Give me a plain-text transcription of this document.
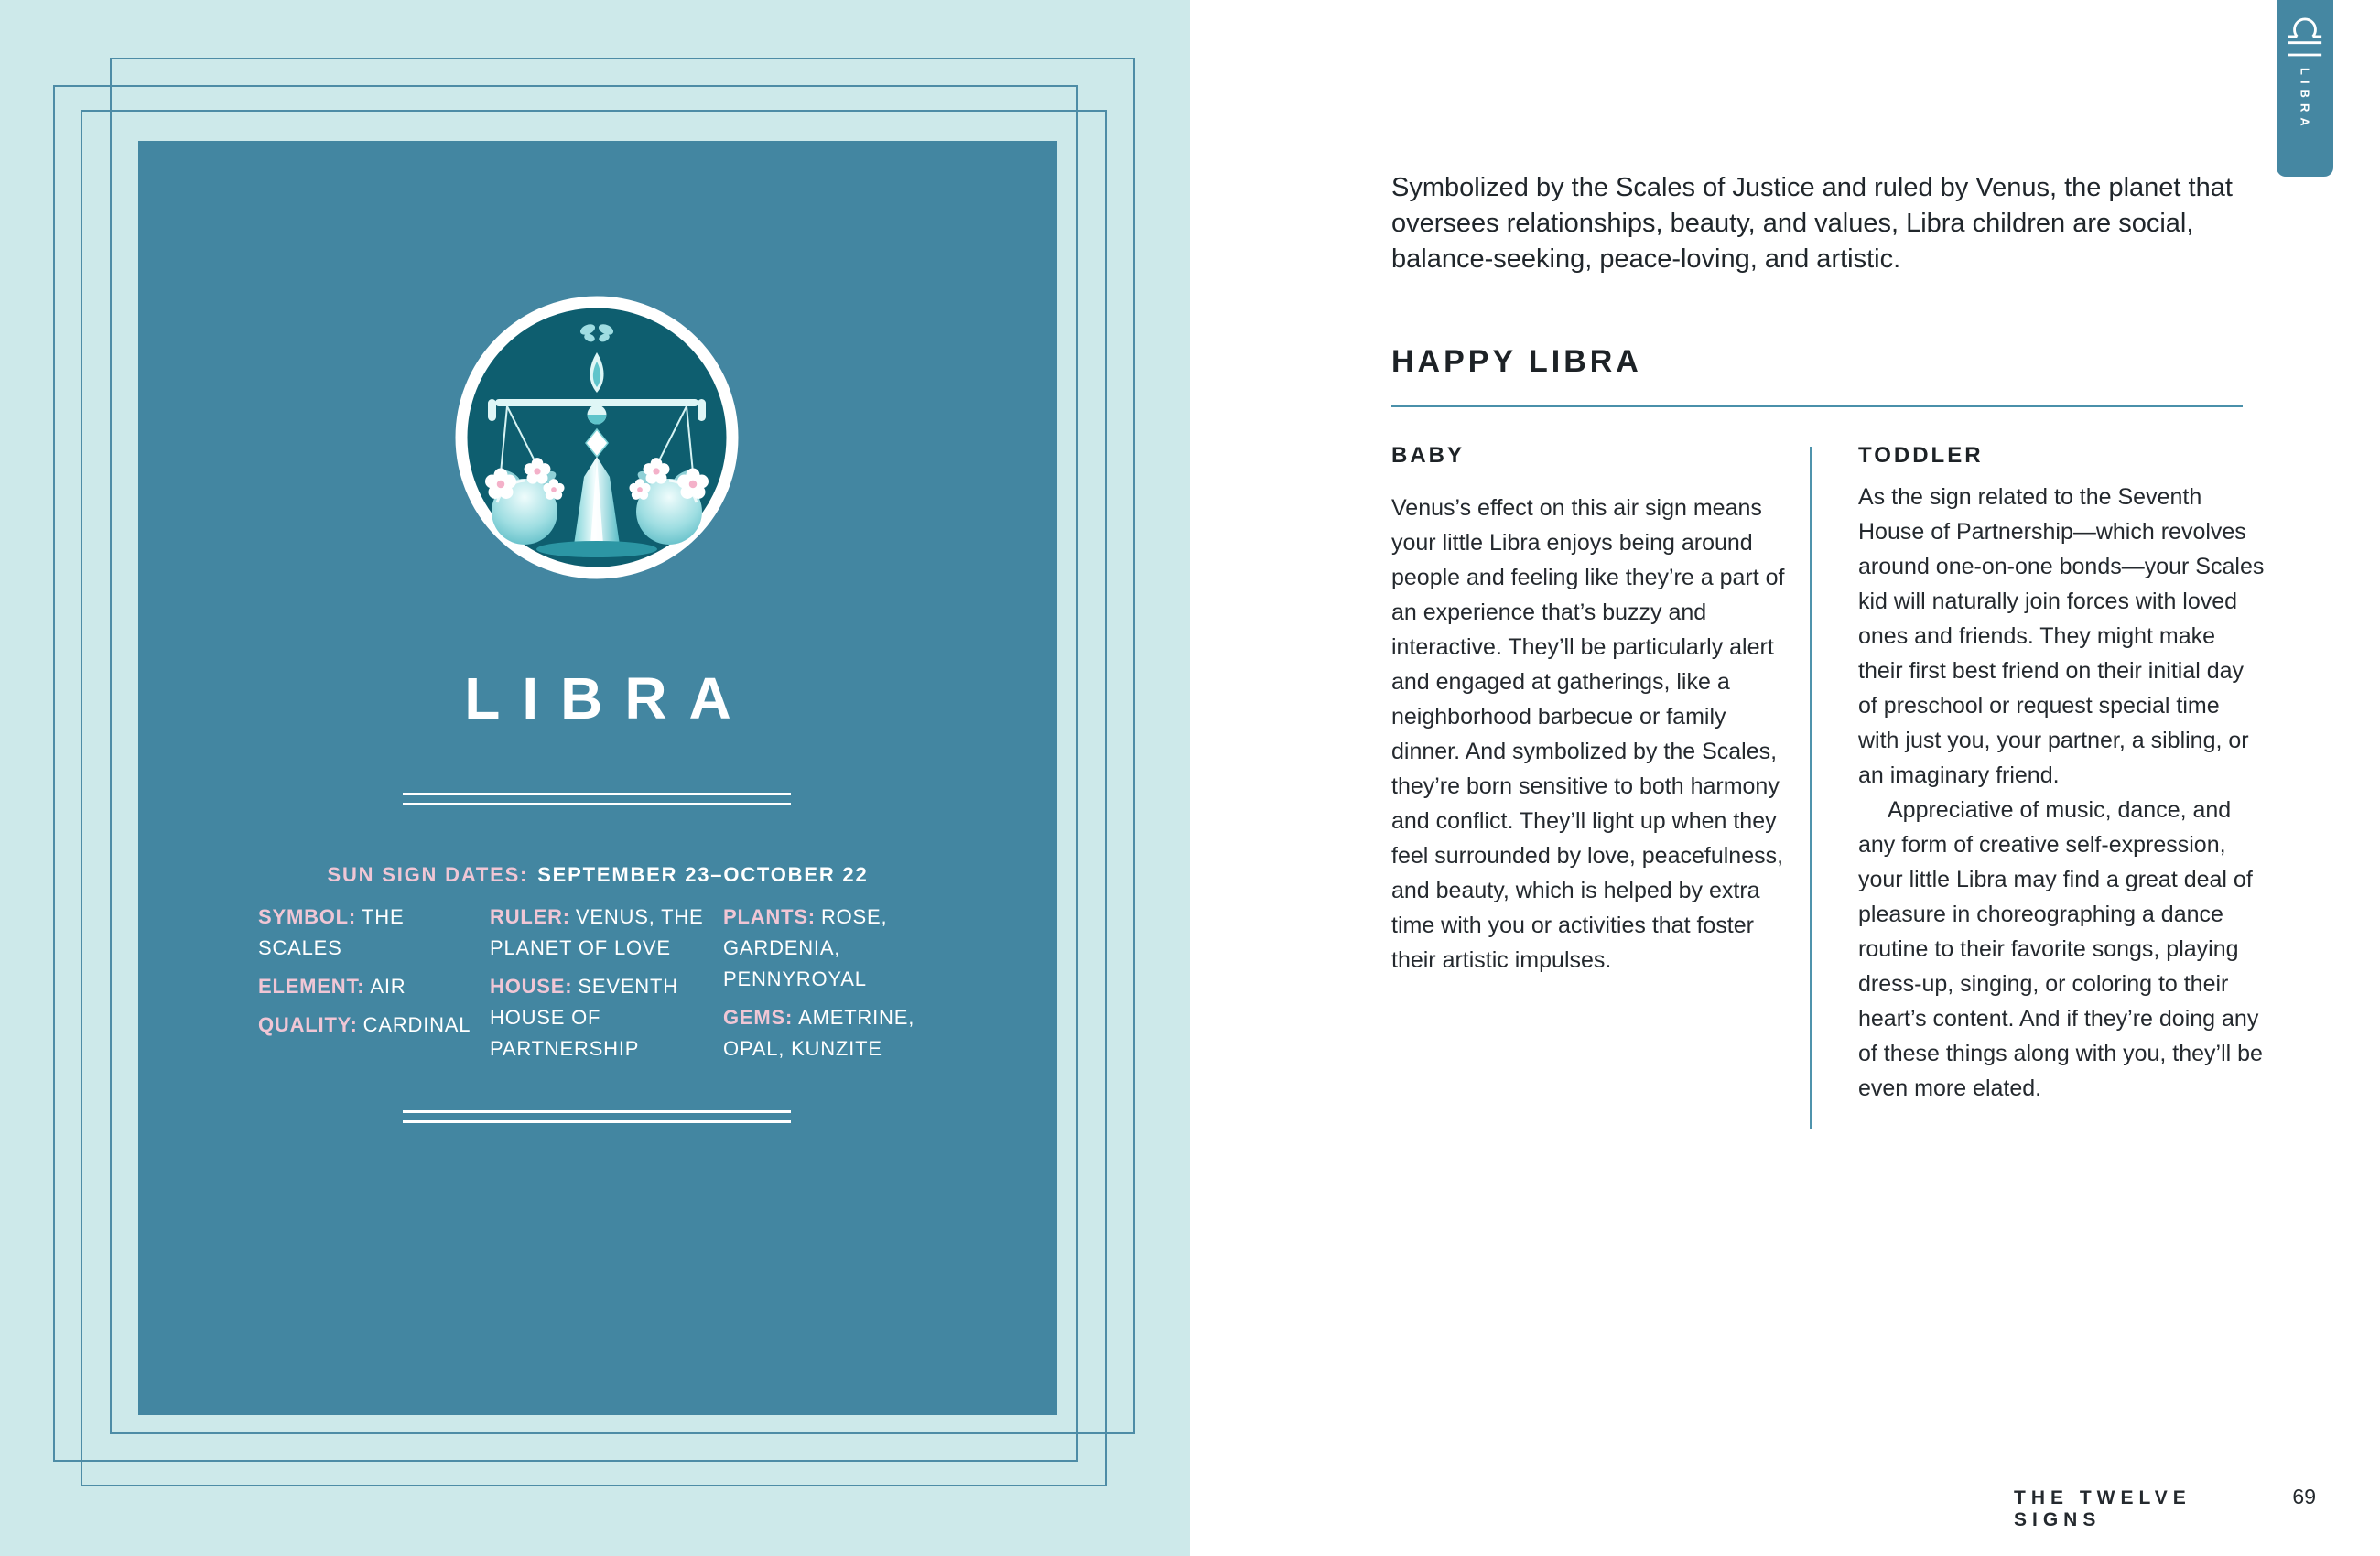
LIBRA
SUN SIGN DATES: SEPTEMBER 23–OCTOBER 22
SYMBOL: THE SCALES
ELEMENT: AIR
QUALITY: CARDINAL
RULER: VENUS, THE PLANET OF LOVE
HOUSE: SEVENTH HOUSE OF PARTNERSHIP
PLANTS: ROSE, GARDENIA, PENNYROYAL
GEMS: AMETRINE, OPAL, KUNZITE
LIBRA
Symbolized by the Scales of Justice and ruled by Venus, the planet that oversees relationships, beauty, and values, Libra children are social, balance-seeking, peace-loving, and artistic.
HAPPY LIBRA
BABY
Venus’s effect on this air sign means your little Libra enjoys being around people and feeling like they’re a part of an experience that’s buzzy and interactive. They’ll be particularly alert and engaged at gatherings, like a neighborhood barbecue or family dinner. And symbolized by the Scales, they’re born sensitive to both harmony and conflict. They’ll light up when they feel surrounded by love, peacefulness, and beauty, which is helped by extra time with you or activities that foster their artistic impulses.
TODDLER

As the sign related to the Seventh House of Partnership—which revolves around one-on-one bonds—your Scales kid will naturally join forces with loved ones and friends. They might make their first best friend on their initial day of preschool or request special time with just you, your partner, a sibling, or an imaginary friend.

Appreciative of music, dance, and any form of creative self-expression, your little Libra may find a great deal of pleasure in choreographing a dance routine to their favorite songs, playing dress-up, singing, or coloring to their heart’s content. And if they’re doing any of these things along with you, they’ll be even more elated.

THE TWELVE SIGNS
69
